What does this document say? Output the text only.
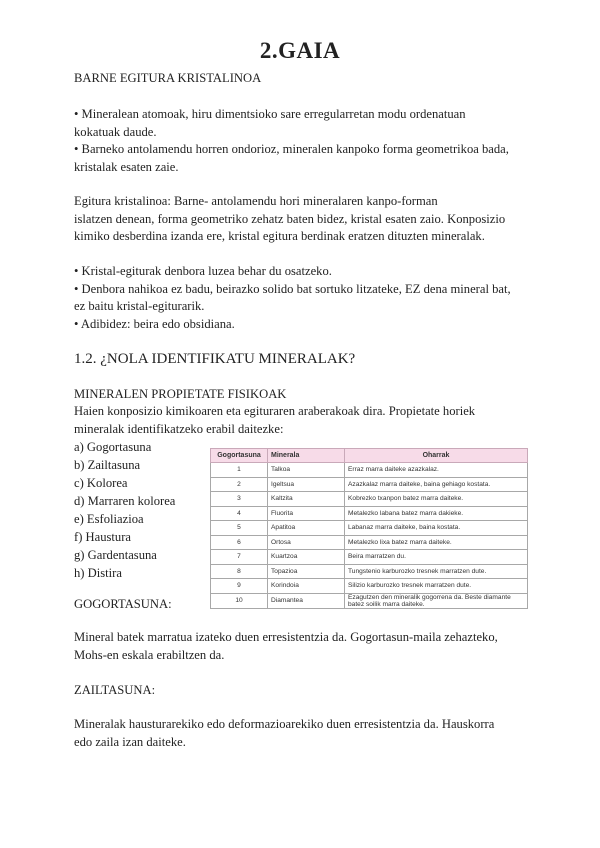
2.GAIA
BARNE EGITURA KRISTALINOA
• Mineralean atomoak, hiru dimentsioko sare erregularretan modu ordenatuan
kokatuak daude.
• Barneko antolamendu horren ondorioz, mineralen kanpoko forma geometrikoa bada,
kristalak esaten zaie.
Egitura kristalinoa: Barne- antolamendu hori mineralaren kanpo-forman
islatzen denean, forma geometriko zehatz baten bidez, kristal esaten zaio. Konposizio
kimiko desberdina izanda ere, kristal egitura berdinak eratzen dituzten mineralak.
• Kristal-egiturak denbora luzea behar du osatzeko.
• Denbora nahikoa ez badu, beirazko solido bat sortuko litzateke, EZ dena mineral bat,
ez baitu kristal-egiturarik.
• Adibidez: beira edo obsidiana.
1.2. ¿NOLA IDENTIFIKATU MINERALAK?
MINERALEN PROPIETATE FISIKOAK
Haien konposizio kimikoaren eta egituraren araberakoak dira. Propietate horiek
mineralak identifikatzeko erabil daitezke:
a) Gogortasuna
b) Zailtasuna
c) Kolorea
d) Marraren kolorea
e) Esfoliazioa
f) Haustura
g) Gardentasuna
h) Distira
Gogortasuna	Minerala	Oharrak
1	Talkoa	Erraz marra daiteke azazkalaz.
2	Igeltsua	Azazkalaz marra daiteke, baina gehiago kostata.
3	Kaltzita	Kobrezko txanpon batez marra daiteke.
4	Fluorita	Metalezko labana batez marra dakieke.
5	Apatitoa	Labanaz marra daiteke, baina kostata.
6	Ortosa	Metalezko lixa batez marra daiteke.
7	Kuartzoa	Beira marratzen du.
8	Topazioa	Tungstenio karburozko tresnek marratzen dute.
9	Korindoia	Silizio karburozko tresnek marratzen dute.
10	Diamantea	Ezagutzen den mineralik gogorrena da. Beste diamante batez soilik marra daiteke.
GOGORTASUNA:
Mineral batek marratua izateko duen erresistentzia da. Gogortasun-maila zehazteko,
Mohs-en eskala erabiltzen da.
ZAILTASUNA:
Mineralak hausturarekiko edo deformazioarekiko duen erresistentzia da. Hauskorra
edo zaila izan daiteke.
